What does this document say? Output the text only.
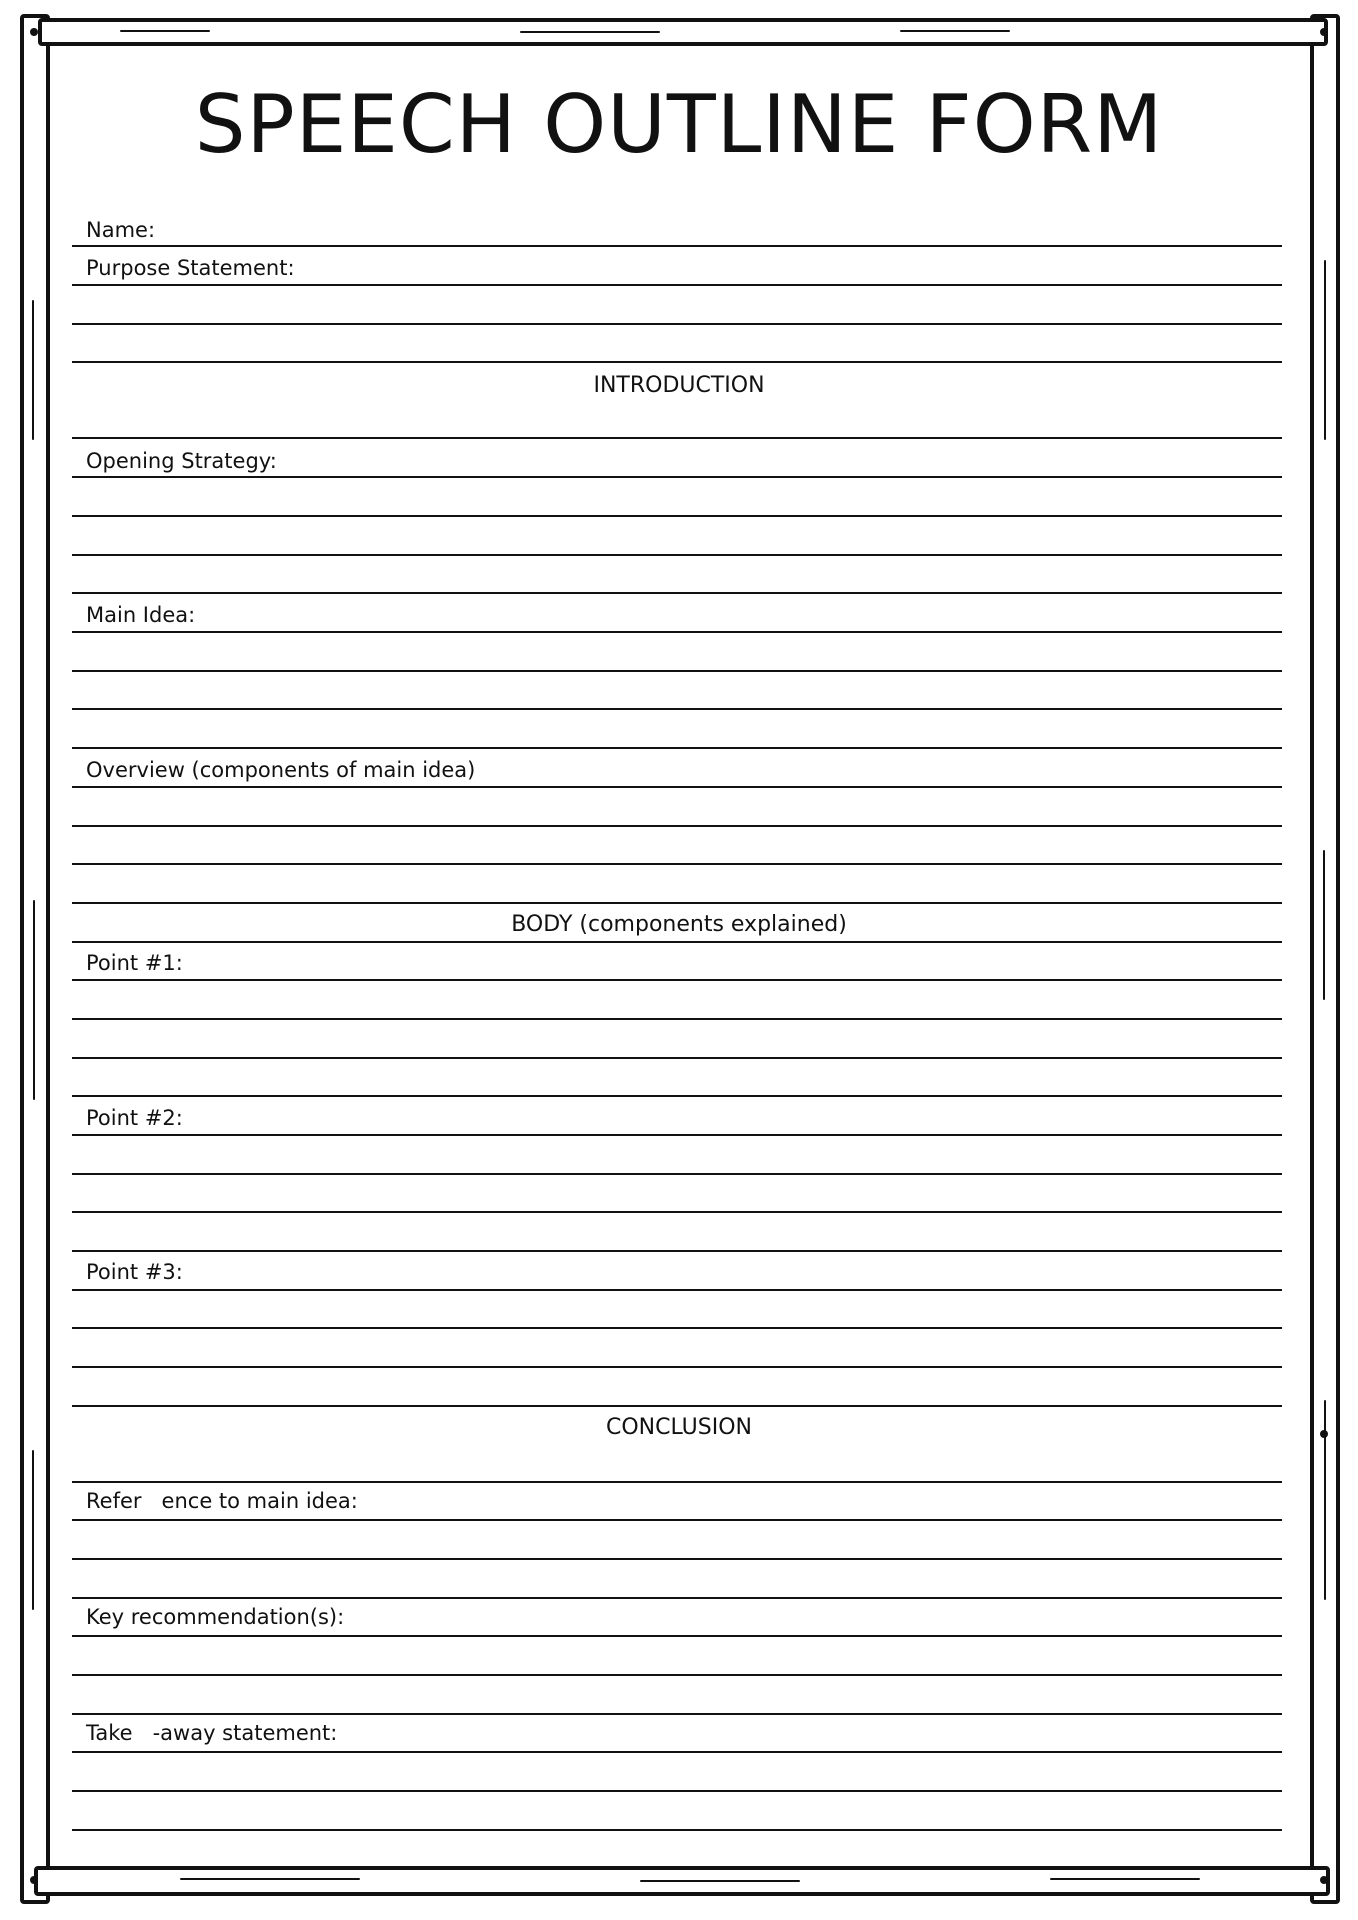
SPEECH OUTLINE FORM
Name:
Purpose Statement:
INTRODUCTION
Opening Strategy:
Main Idea:
Overview (components of main idea)
BODY (components explained)
Point #1:
Point #2:
Point #3:
CONCLUSION
Refer   ence to main idea:
Key recommendation(s):
Take   -away statement:
